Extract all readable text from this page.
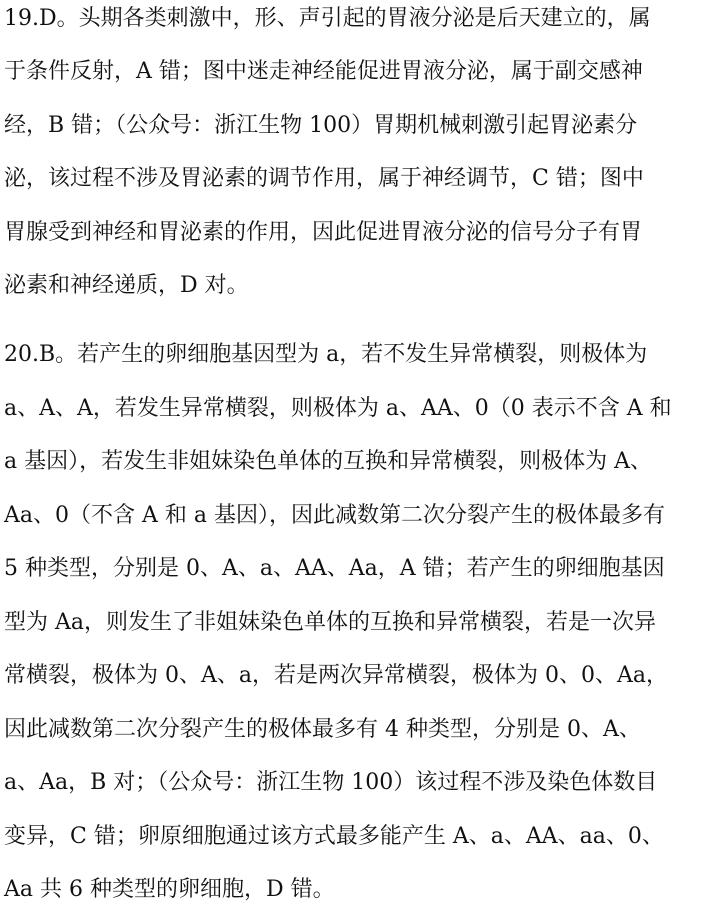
19.D。头期各类刺激中，形、声引起的胃液分泌是后天建立的，属
于条件反射，A 错；图中迷走神经能促进胃液分泌，属于副交感神
经，B 错；（公众号：浙江生物 100）胃期机械刺激引起胃泌素分
泌，该过程不涉及胃泌素的调节作用，属于神经调节，C 错；图中
胃腺受到神经和胃泌素的作用，因此促进胃液分泌的信号分子有胃
泌素和神经递质，D 对。
20.B。若产生的卵细胞基因型为 a，若不发生异常横裂，则极体为
a、A、A，若发生异常横裂，则极体为 a、AA、0（0 表示不含 A 和
a 基因），若发生非姐妹染色单体的互换和异常横裂，则极体为 A、
Aa、0（不含 A 和 a 基因），因此减数第二次分裂产生的极体最多有
5 种类型，分别是 0、A、a、AA、Aa，A 错；若产生的卵细胞基因
型为 Aa，则发生了非姐妹染色单体的互换和异常横裂，若是一次异
常横裂，极体为 0、A、a，若是两次异常横裂，极体为 0、0、Aa，
因此减数第二次分裂产生的极体最多有 4 种类型，分别是 0、A、
a、Aa，B 对；（公众号：浙江生物 100）该过程不涉及染色体数目
变异，C 错；卵原细胞通过该方式最多能产生 A、a、AA、aa、0、
Aa 共 6 种类型的卵细胞，D 错。
